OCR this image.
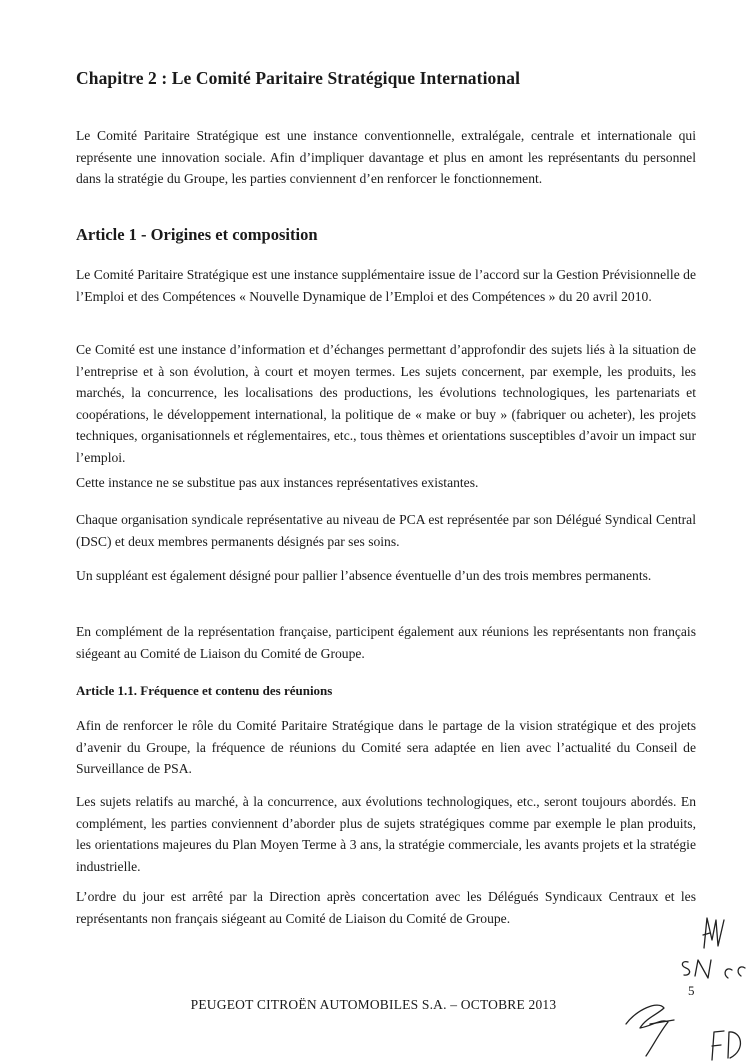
Chapitre 2 : Le Comité Paritaire Stratégique International

Le Comité Paritaire Stratégique est une instance conventionnelle, extralégale, centrale et internationale qui représente une innovation sociale. Afin d’impliquer davantage et plus en amont les représentants du personnel dans la stratégie du Groupe, les parties conviennent d’en renforcer le fonctionnement.

Article 1 - Origines et composition

Le Comité Paritaire Stratégique est une instance supplémentaire issue de l’accord sur la Gestion Prévisionnelle de l’Emploi et des Compétences « Nouvelle Dynamique de l’Emploi et des Compétences » du 20 avril 2010.

Ce Comité est une instance d’information et d’échanges permettant d’approfondir des sujets liés à la situation de l’entreprise et à son évolution, à court et moyen termes. Les sujets concernent, par exemple, les produits, les marchés, la concurrence, les localisations des productions, les évolutions technologiques, les partenariats et coopérations, le développement international, la politique de « make or buy » (fabriquer ou acheter), les projets techniques, organisationnels et réglementaires, etc., tous thèmes et orientations susceptibles d’avoir un impact sur l’emploi.

Cette instance ne se substitue pas aux instances représentatives existantes.

Chaque organisation syndicale représentative au niveau de PCA est représentée par son Délégué Syndical Central (DSC) et deux membres permanents désignés par ses soins.

Un suppléant est également désigné pour pallier l’absence éventuelle d’un des trois membres permanents.

En complément de la représentation française, participent également aux réunions les représentants non français siégeant au Comité de Liaison du Comité de Groupe.

Article 1.1. Fréquence et contenu des réunions

Afin de renforcer le rôle du Comité Paritaire Stratégique dans le partage de la vision stratégique et des projets d’avenir du Groupe, la fréquence de réunions du Comité sera adaptée en lien avec l’actualité du Conseil de Surveillance de PSA.

Les sujets relatifs au marché, à la concurrence, aux évolutions technologiques, etc., seront toujours abordés. En complément, les parties conviennent d’aborder plus de sujets stratégiques comme par exemple le plan produits, les orientations majeures du Plan Moyen Terme à 3 ans, la stratégie commerciale, les avants projets et la stratégie industrielle.

L’ordre du jour est arrêté par la Direction après concertation avec les Délégués Syndicaux Centraux et les représentants non français siégeant au Comité de Liaison du Comité de Groupe.

5
PEUGEOT CITROËN AUTOMOBILES S.A. – OCTOBRE 2013
